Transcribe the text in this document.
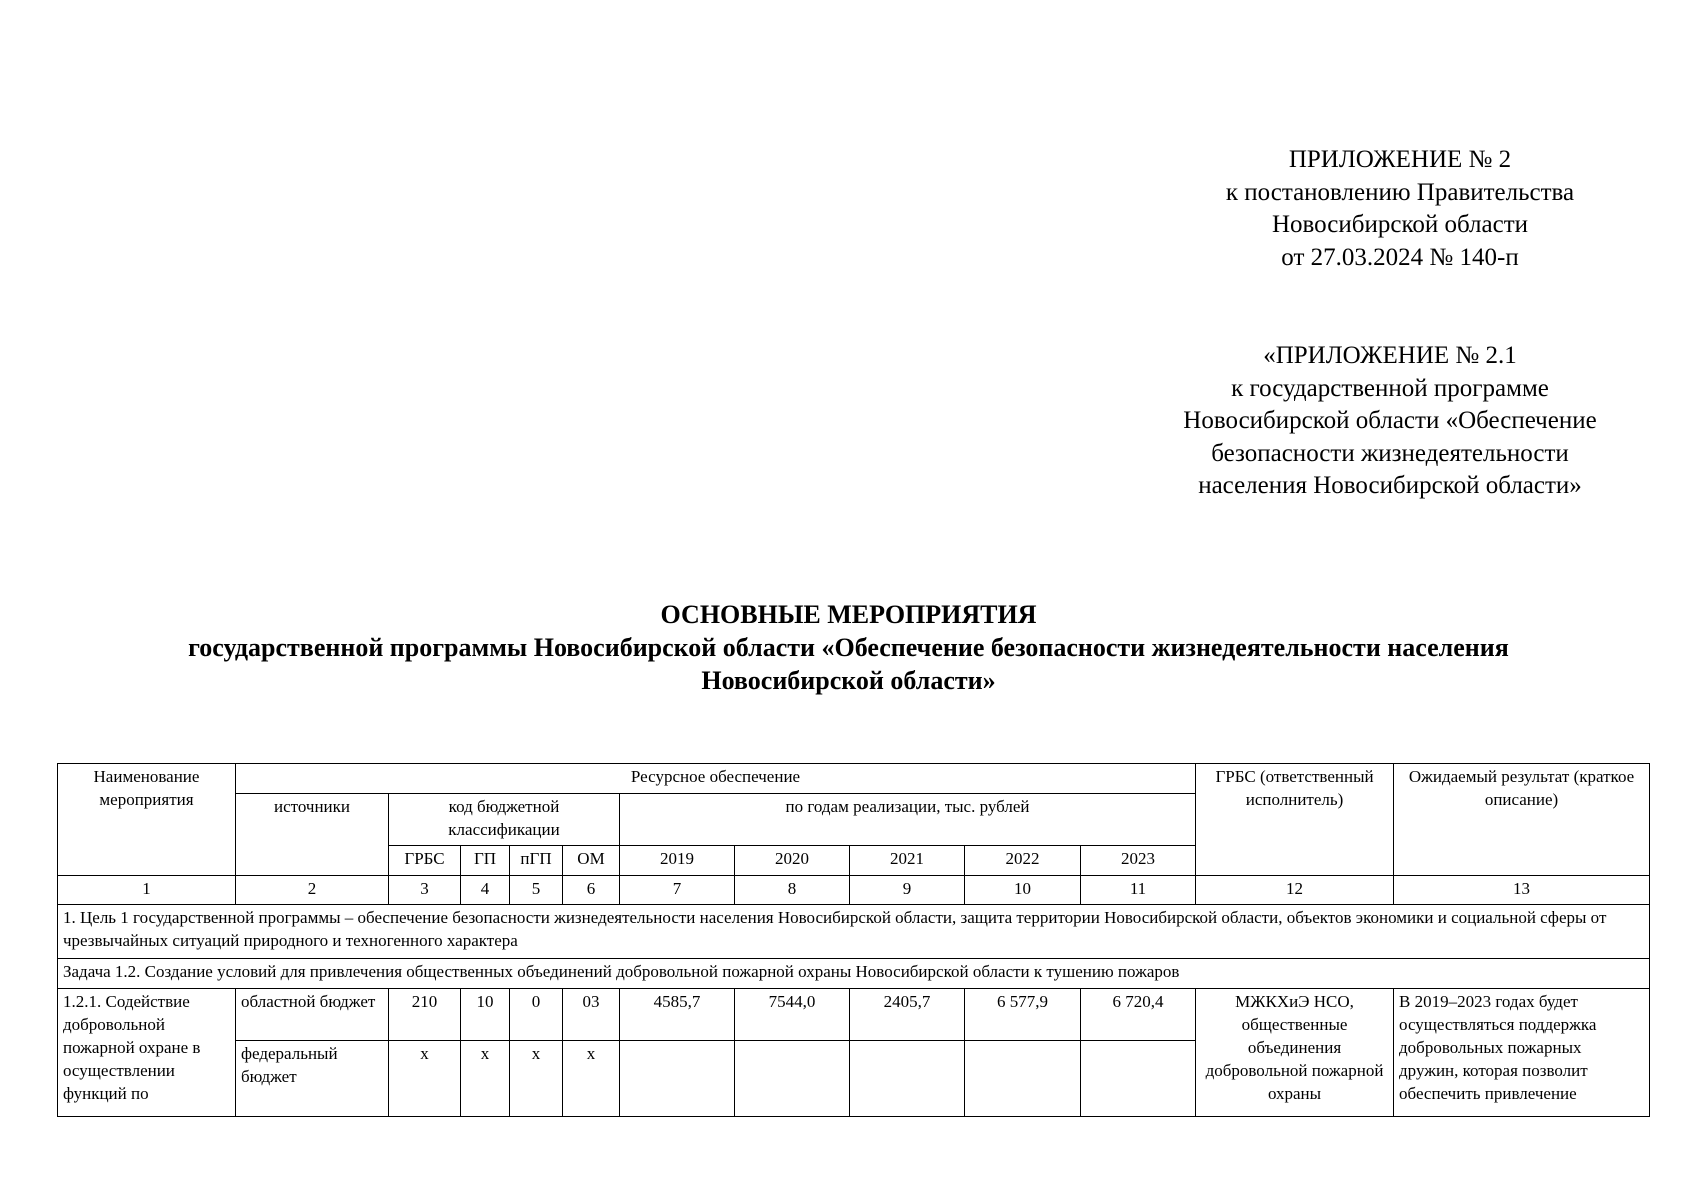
ПРИЛОЖЕНИЕ № 2
к постановлению Правительства
Новосибирской области
от 27.03.2024 № 140-п
«ПРИЛОЖЕНИЕ № 2.1
к государственной программе
Новосибирской области «Обеспечение
безопасности жизнедеятельности
населения Новосибирской области»
ОСНОВНЫЕ МЕРОПРИЯТИЯ
государственной программы Новосибирской области «Обеспечение безопасности жизнедеятельности населения
Новосибирской области»
Наименование мероприятия	Ресурсное обеспечение										ГРБС (ответственный исполнитель)	Ожидаемый результат (краткое описание)
	источники	код бюджетной классификации				по годам реализации, тыс. рублей						
		ГРБС	ГП	пГП	ОМ	2019	2020	2021	2022	2023		
1	2	3	4	5	6	7	8	9	10	11	12	13
1. Цель 1 государственной программы – обеспечение безопасности жизнедеятельности населения Новосибирской области, защита территории Новосибирской области, объектов экономики и социальной сферы от чрезвычайных ситуаций природного и техногенного характера												
Задача 1.2. Создание условий для привлечения общественных объединений добровольной пожарной охраны Новосибирской области к тушению пожаров												
1.2.1. Содействие добровольной пожарной охране в осуществлении функций по	областной бюджет	210	10	0	03	4585,7	7544,0	2405,7	6 577,9	6 720,4	МЖКХиЭ НСО, общественные объединения добровольной пожарной охраны	В 2019–2023 годах будет осуществляться поддержка добровольных пожарных дружин, которая позволит обеспечить привлечение
	федеральный бюджет	х	х	х	х							
